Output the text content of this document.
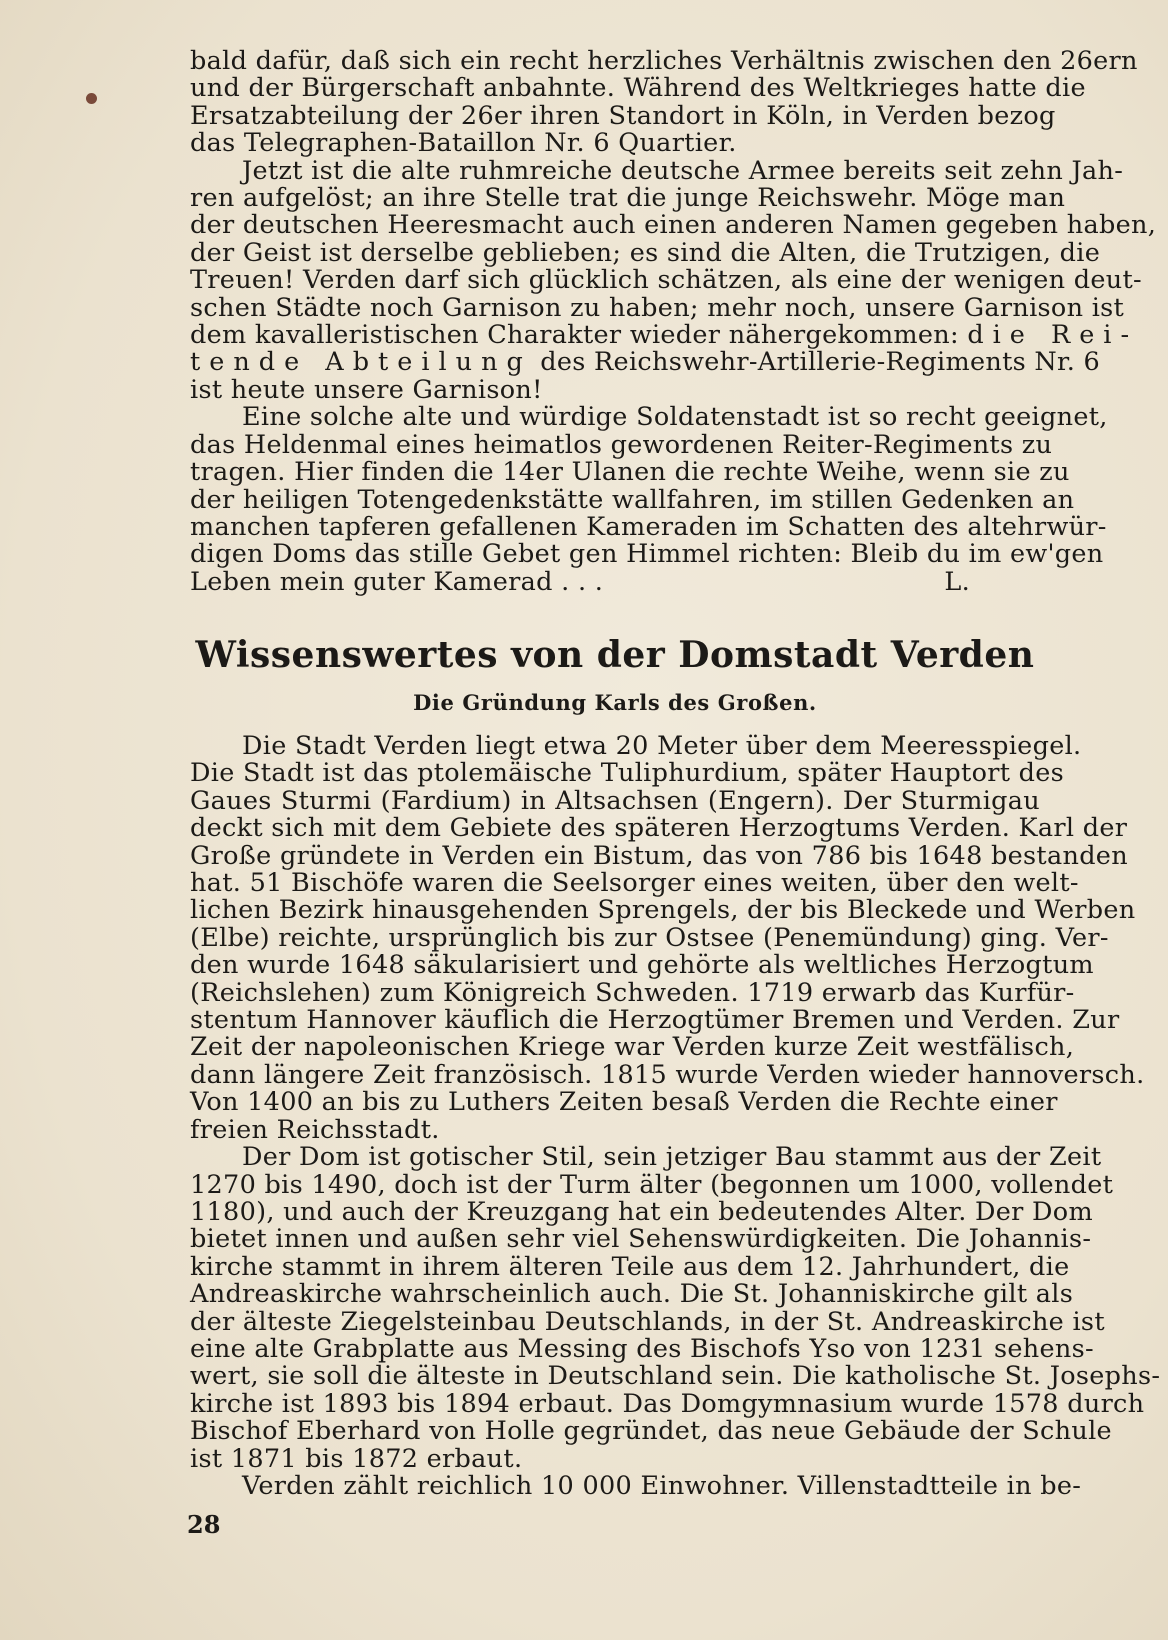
bald dafür, daß sich ein recht herzliches Verhältnis zwischen den 26ern
und der Bürgerschaft anbahnte. Während des Weltkrieges hatte die
Ersatzabteilung der 26er ihren Standort in Köln, in Verden bezog
das Telegraphen-Bataillon Nr. 6 Quartier.
Jetzt ist die alte ruhmreiche deutsche Armee bereits seit zehn Jah-
ren aufgelöst; an ihre Stelle trat die junge Reichswehr. Möge man
der deutschen Heeresmacht auch einen anderen Namen gegeben haben,
der Geist ist derselbe geblieben; es sind die Alten, die Trutzigen, die
Treuen! Verden darf sich glücklich schätzen, als eine der wenigen deut-
schen Städte noch Garnison zu haben; mehr noch, unsere Garnison ist
dem kavalleristischen Charakter wieder nähergekommen: die Rei-
tende Abteilung des Reichswehr-Artillerie-Regiments Nr. 6
ist heute unsere Garnison!
Eine solche alte und würdige Soldatenstadt ist so recht geeignet,
das Heldenmal eines heimatlos gewordenen Reiter-Regiments zu
tragen. Hier finden die 14er Ulanen die rechte Weihe, wenn sie zu
der heiligen Totengedenkstätte wallfahren, im stillen Gedenken an
manchen tapferen gefallenen Kameraden im Schatten des altehrwür-
digen Doms das stille Gebet gen Himmel richten: Bleib du im ew'gen
Leben mein guter Kamerad . . .	L.
Wissenswertes von der Domstadt Verden
Die Gründung Karls des Großen.
Die Stadt Verden liegt etwa 20 Meter über dem Meeresspiegel.
Die Stadt ist das ptolemäische Tuliphurdium, später Hauptort des
Gaues Sturmi (Fardium) in Altsachsen (Engern). Der Sturmigau
deckt sich mit dem Gebiete des späteren Herzogtums Verden. Karl der
Große gründete in Verden ein Bistum, das von 786 bis 1648 bestanden
hat. 51 Bischöfe waren die Seelsorger eines weiten, über den welt-
lichen Bezirk hinausgehenden Sprengels, der bis Bleckede und Werben
(Elbe) reichte, ursprünglich bis zur Ostsee (Penemündung) ging. Ver-
den wurde 1648 säkularisiert und gehörte als weltliches Herzogtum
(Reichslehen) zum Königreich Schweden. 1719 erwarb das Kurfür-
stentum Hannover käuflich die Herzogtümer Bremen und Verden. Zur
Zeit der napoleonischen Kriege war Verden kurze Zeit westfälisch,
dann längere Zeit französisch. 1815 wurde Verden wieder hannoversch.
Von 1400 an bis zu Luthers Zeiten besaß Verden die Rechte einer
freien Reichsstadt.
Der Dom ist gotischer Stil, sein jetziger Bau stammt aus der Zeit
1270 bis 1490, doch ist der Turm älter (begonnen um 1000, vollendet
1180), und auch der Kreuzgang hat ein bedeutendes Alter. Der Dom
bietet innen und außen sehr viel Sehenswürdigkeiten. Die Johannis-
kirche stammt in ihrem älteren Teile aus dem 12. Jahrhundert, die
Andreaskirche wahrscheinlich auch. Die St. Johanniskirche gilt als
der älteste Ziegelsteinbau Deutschlands, in der St. Andreaskirche ist
eine alte Grabplatte aus Messing des Bischofs Yso von 1231 sehens-
wert, sie soll die älteste in Deutschland sein. Die katholische St. Josephs-
kirche ist 1893 bis 1894 erbaut. Das Domgymnasium wurde 1578 durch
Bischof Eberhard von Holle gegründet, das neue Gebäude der Schule
ist 1871 bis 1872 erbaut.
Verden zählt reichlich 10 000 Einwohner. Villenstadtteile in be-
28
